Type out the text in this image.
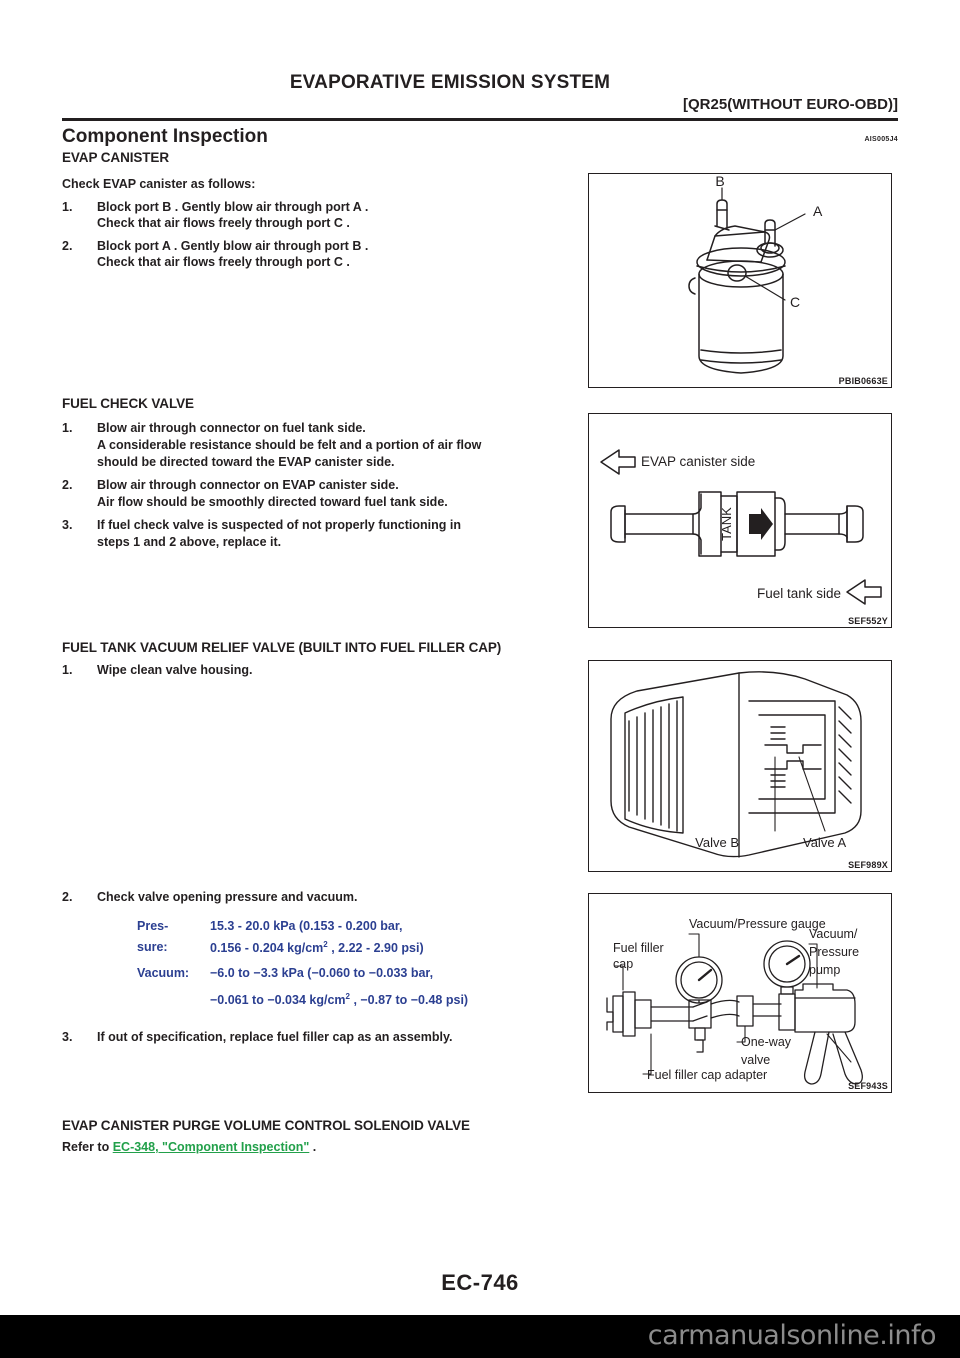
EVAPORATIVE EMISSION SYSTEM
[QR25(WITHOUT EURO-OBD)]
Component Inspection	AIS005J4
EVAP CANISTER
Check EVAP canister as follows:
1. Block port B . Gently blow air through port A .
Check that air flows freely through port C .
2. Block port A . Gently blow air through port B .
Check that air flows freely through port C .
B
A
C
PBIB0663E
FUEL CHECK VALVE
1. Blow air through connector on fuel tank side.
A considerable resistance should be felt and a portion of air flow
should be directed toward the EVAP canister side.
2. Blow air through connector on EVAP canister side.
Air flow should be smoothly directed toward fuel tank side.
3. If fuel check valve is suspected of not properly functioning in
steps 1 and 2 above, replace it.
TANK
EVAP canister side
Fuel tank side
SEF552Y
FUEL TANK VACUUM RELIEF VALVE (BUILT INTO FUEL FILLER CAP)
1. Wipe clean valve housing.
Valve B	Valve A
SEF989X
2. Check valve opening pressure and vacuum.
Pres-
sure:
15.3 - 20.0 kPa (0.153 - 0.200 bar,
0.156 - 0.204 $kg/cm^2$ , 2.22 - 2.90 psi)
Vacuum: −6.0 to −3.3 kPa (−0.060 to −0.033 bar,
−0.061 to −0.034 $kg/cm^2$ , −0.87 to −0.48 psi)
Fuel filler
cap
Vacuum/Pressure gauge
Vacuum/
Pressure
pump
One-way
valve
Fuel filler cap adapter
SEF943S
3. If out of specification, replace fuel filler cap as an assembly.
EVAP CANISTER PURGE VOLUME CONTROL SOLENOID VALVE
Refer to EC-348, "Component Inspection" .
EC-746
carmanualsonline.info
